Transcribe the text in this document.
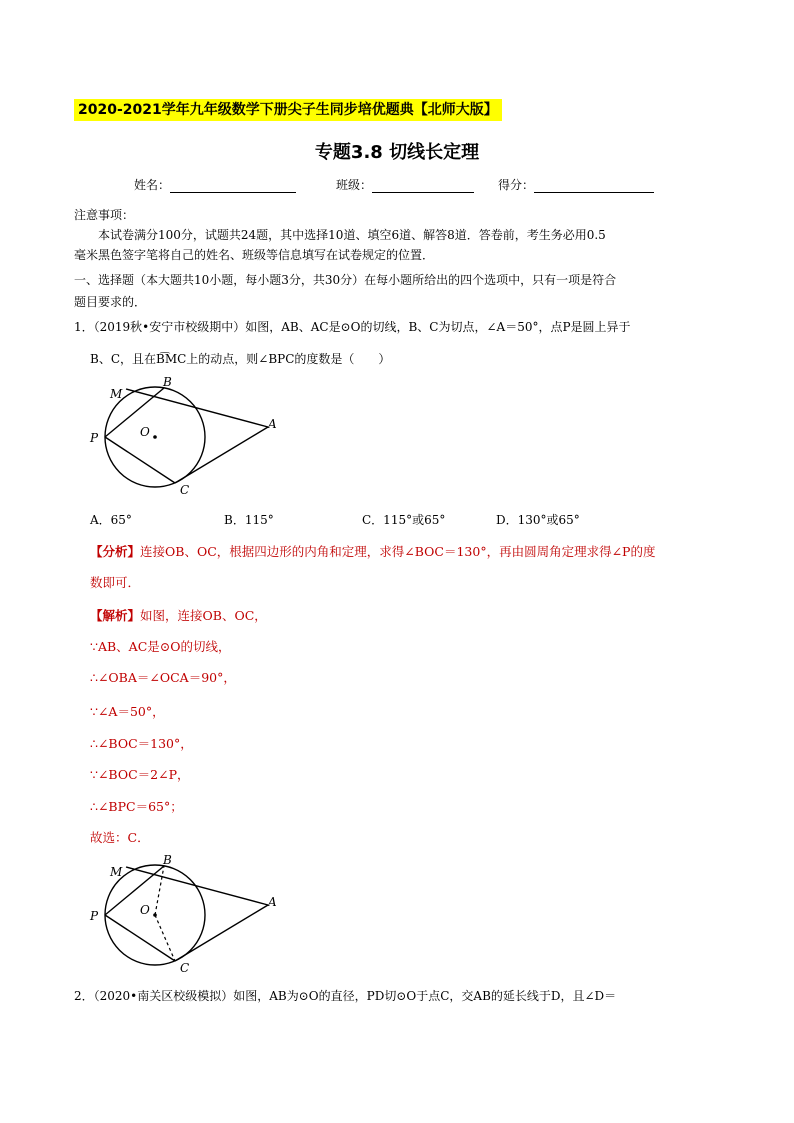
2020-2021学年九年级数学下册尖子生同步培优题典【北师大版】
专题3.8 切线长定理
姓名：	班级：	得分：
注意事项：
本试卷满分100分，试题共24题，其中选择10道、填空6道、解答8道．答卷前，考生务必用0.5
毫米黑色签字笔将自己的姓名、班级等信息填写在试卷规定的位置．
一、选择题（本大题共10小题，每小题3分，共30分）在每小题所给出的四个选项中，只有一项是符合
题目要求的．
1．（2019秋•安宁市校级期中）如图，AB、AC是⊙O的切线，B、C为切点，∠A＝50°，点P是圆上异于
B、C，且在B͡MC上的动点，则∠BPC的度数是（　　）
M
B
A
P	O
C
A．65°	B．115°	C．115°或65°	D．130°或65°
【分析】连接OB、OC，根据四边形的内角和定理，求得∠BOC＝130°，再由圆周角定理求得∠P的度
数即可．
【解析】如图，连接OB、OC，
∵AB、AC是⊙O的切线，
∴∠OBA＝∠OCA＝90°，
∵∠A＝50°，
∴∠BOC＝130°，
∵∠BOC＝2∠P，
∴∠BPC＝65°；
故选：C．
M
B
A
P	O
C
2．（2020•南关区校级模拟）如图，AB为⊙O的直径，PD切⊙O于点C，交AB的延长线于D，且∠D＝
